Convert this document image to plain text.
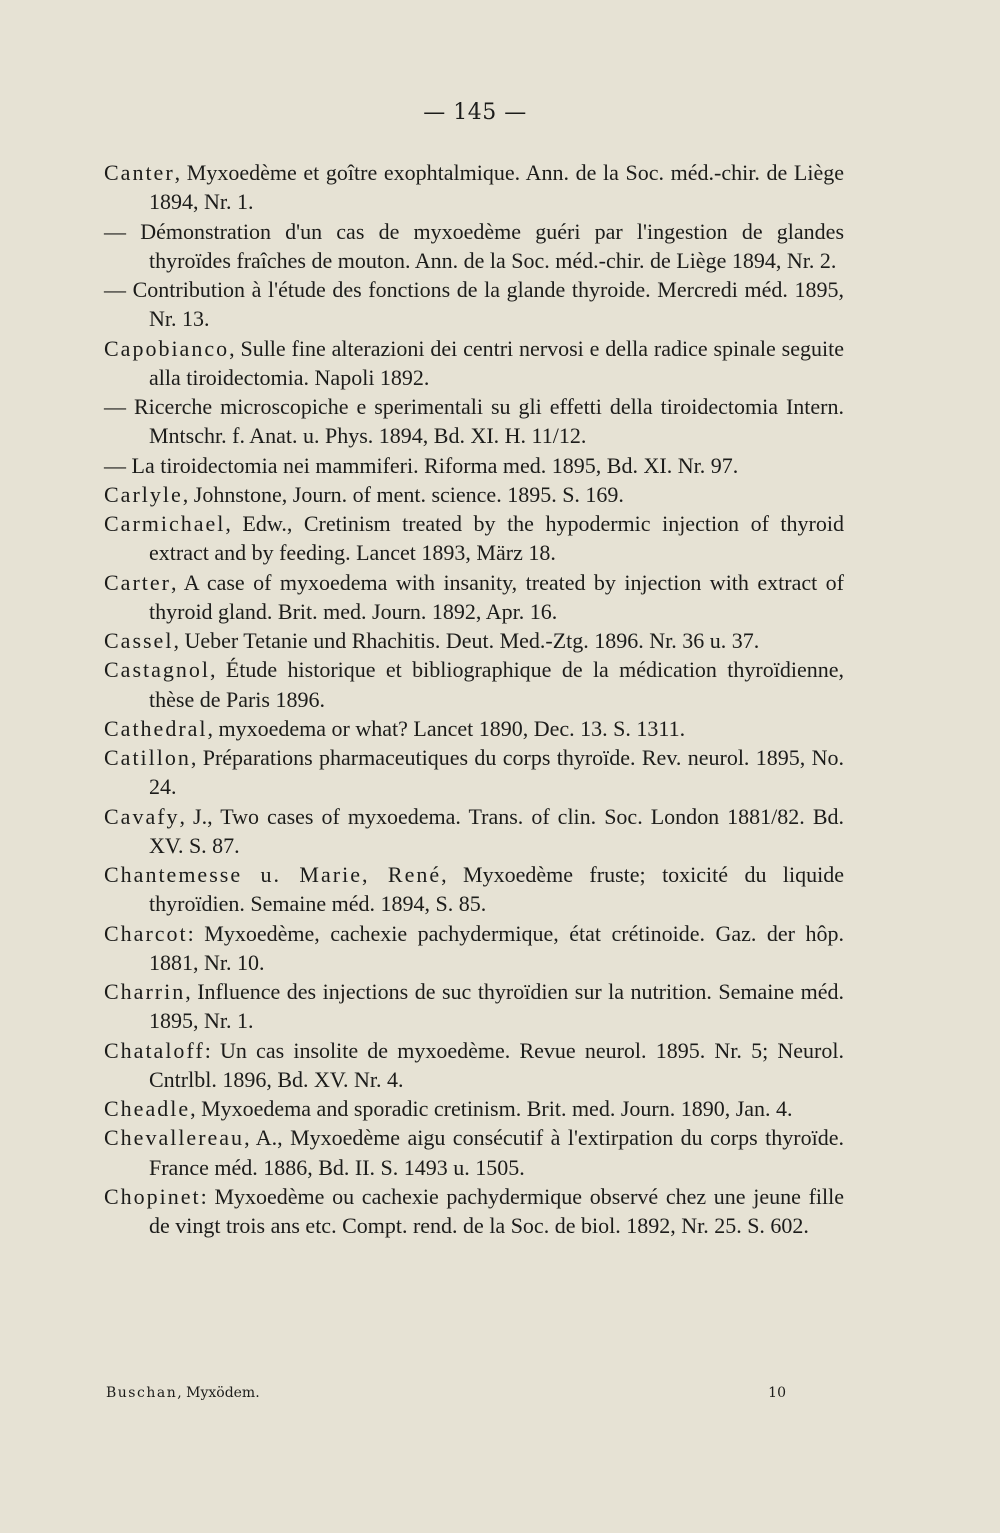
— 145 —

Canter, Myxoedème et goître exophtalmique. Ann. de la Soc. méd.-chir. de Liège 1894, Nr. 1.

— Démonstration d'un cas de myxoedème guéri par l'ingestion de glandes thyroïdes fraîches de mouton. Ann. de la Soc. méd.-chir. de Liège 1894, Nr. 2.

— Contribution à l'étude des fonctions de la glande thyroide. Mercredi méd. 1895, Nr. 13.

Capobianco, Sulle fine alterazioni dei centri nervosi e della radice spinale seguite alla tiroidectomia. Napoli 1892.

— Ricerche microscopiche e sperimentali su gli effetti della tiroidectomia Intern. Mntschr. f. Anat. u. Phys. 1894, Bd. XI. H. 11/12.

— La tiroidectomia nei mammiferi. Riforma med. 1895, Bd. XI. Nr. 97.

Carlyle, Johnstone, Journ. of ment. science. 1895. S. 169.

Carmichael, Edw., Cretinism treated by the hypodermic injection of thyroid extract and by feeding. Lancet 1893, März 18.

Carter, A case of myxoedema with insanity, treated by injection with extract of thyroid gland. Brit. med. Journ. 1892, Apr. 16.

Cassel, Ueber Tetanie und Rhachitis. Deut. Med.-Ztg. 1896. Nr. 36 u. 37.

Castagnol, Étude historique et bibliographique de la médication thyroïdienne, thèse de Paris 1896.

Cathedral, myxoedema or what? Lancet 1890, Dec. 13. S. 1311.

Catillon, Préparations pharmaceutiques du corps thyroïde. Rev. neurol. 1895, No. 24.

Cavafy, J., Two cases of myxoedema. Trans. of clin. Soc. London 1881/82. Bd. XV. S. 87.

Chantemesse u. Marie, René, Myxoedème fruste; toxicité du liquide thyroïdien. Semaine méd. 1894, S. 85.

Charcot: Myxoedème, cachexie pachydermique, état crétinoide. Gaz. der hôp. 1881, Nr. 10.

Charrin, Influence des injections de suc thyroïdien sur la nutrition. Semaine méd. 1895, Nr. 1.

Chataloff: Un cas insolite de myxoedème. Revue neurol. 1895. Nr. 5; Neurol. Cntrlbl. 1896, Bd. XV. Nr. 4.

Cheadle, Myxoedema and sporadic cretinism. Brit. med. Journ. 1890, Jan. 4.

Chevallereau, A., Myxoedème aigu consécutif à l'extirpation du corps thyroïde. France méd. 1886, Bd. II. S. 1493 u. 1505.

Chopinet: Myxoedème ou cachexie pachydermique observé chez une jeune fille de vingt trois ans etc. Compt. rend. de la Soc. de biol. 1892, Nr. 25. S. 602.

Buschan, Myxödem.	10
